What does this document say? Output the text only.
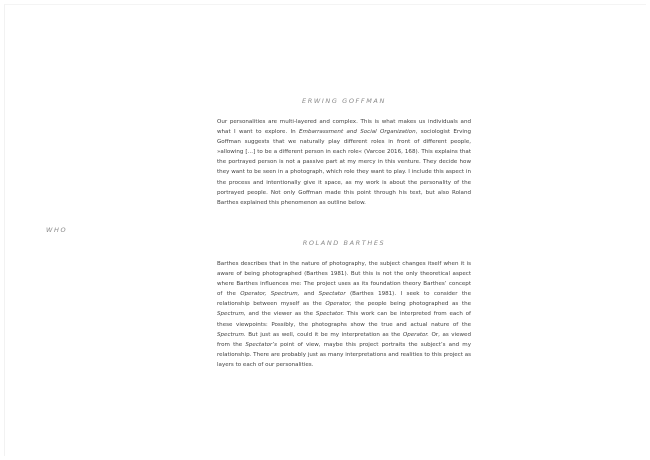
WHO
ERWING GOFFMAN

Our personalities are multi-layered and complex. This is what makes us individuals and what I want to explore. In Embarrassment and Social Organization, sociologist Erving Goffman suggests that we naturally play different roles in front of different people, »allowing […] to be a different person in each role« (Varcoe 2016, 168). This explains that the portrayed person is not a passive part at my mercy in this venture. They decide how they want to be seen in a photograph, which role they want to play. I include this aspect in the process and intentionally give it space, as my work is about the personality of the portrayed people. Not only Goffman made this point through his text, but also Roland Barthes explained this phenomenon as outline below.

ROLAND BARTHES

Barthes describes that in the nature of photography, the subject changes itself when it is aware of being photographed (Barthes 1981). But this is not the only theoretical aspect where Barthes influences me: The project uses as its foundation theory Barthes’ concept of the Operator, Spectrum, and Spectator (Barthes 1981). I seek to consider the relationship between myself as the Operator, the people being photographed as the Spectrum, and the viewer as the Spectator. This work can be interpreted from each of these viewpoints: Possibly, the photographs show the true and actual nature of the Spectrum. But just as well, could it be my interpretation as the Operator. Or, as viewed from the Spectator’s point of view, maybe this project portraits the subject’s and my relationship. There are probably just as many interpretations and realities to this project as layers to each of our personalities.
